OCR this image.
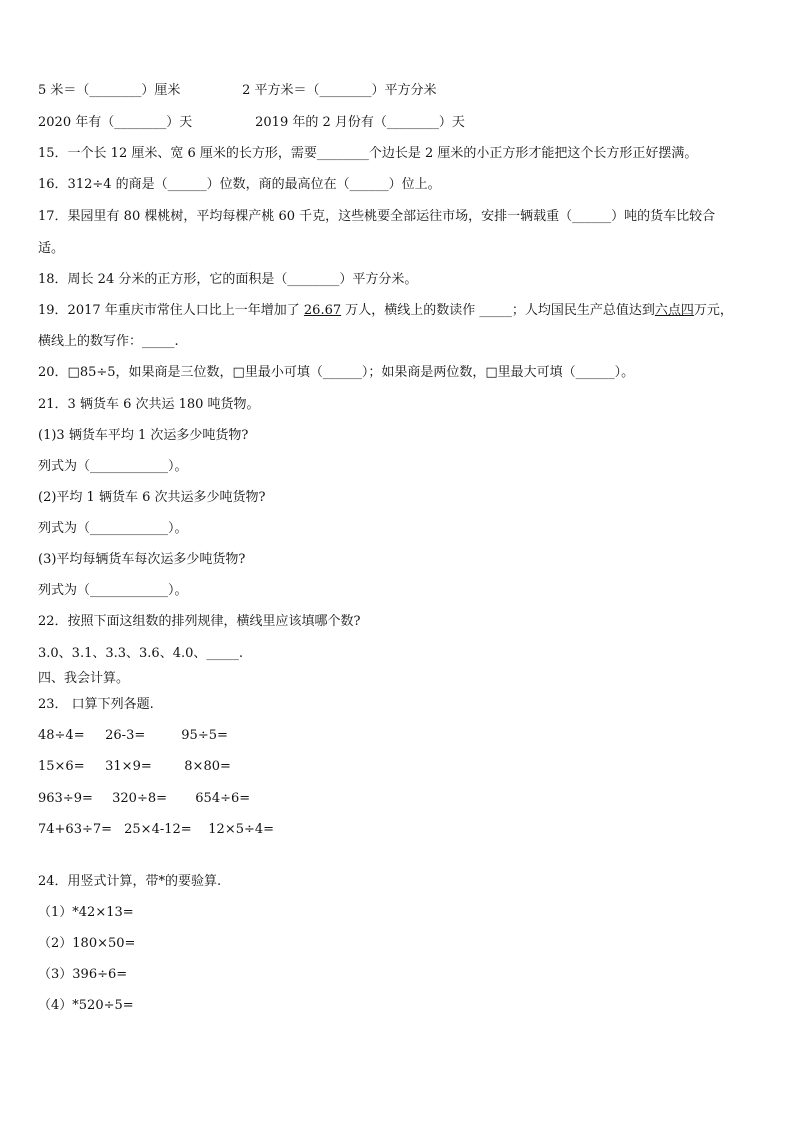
5 米＝（________）厘米	2 平方米＝（________）平方分米
2020 年有（________）天	2019 年的 2 月份有（________）天
15．一个长 12 厘米、宽 6 厘米的长方形，需要________个边长是 2 厘米的小正方形才能把这个长方形正好摆满。
16．312÷4 的商是（______）位数，商的最高位在（______）位上。
17．果园里有 80 棵桃树，平均每棵产桃 60 千克，这些桃要全部运往市场，安排一辆载重（______）吨的货车比较合
适。
18．周长 24 分米的正方形，它的面积是（________）平方分米。
19．2017 年重庆市常住人口比上一年增加了 26.67 万人，横线上的数读作 _____；人均国民生产总值达到六点四万元，
横线上的数写作：_____.
20．□85÷5，如果商是三位数，□里最小可填（______）；如果商是两位数，□里最大可填（______）。
21．3 辆货车 6 次共运 180 吨货物。
(1)3 辆货车平均 1 次运多少吨货物?
列式为（____________）。
(2)平均 1 辆货车 6 次共运多少吨货物?
列式为（____________）。
(3)平均每辆货车每次运多少吨货物?
列式为（____________）。
22．按照下面这组数的排列规律，横线里应该填哪个数?
3.0、3.1、3.3、3.6、4.0、_____.
四、我会计算。
23． 口算下列各题.
48÷4= 26-3=	95÷5=
15×6= 31×9=	8×80=
963÷9= 320÷8= 654÷6=
74+63÷7= 25×4-12= 12×5÷4=
24．用竖式计算，带*的要验算.
（1）*42×13=
（2）180×50=
（3）396÷6=
（4）*520÷5=
